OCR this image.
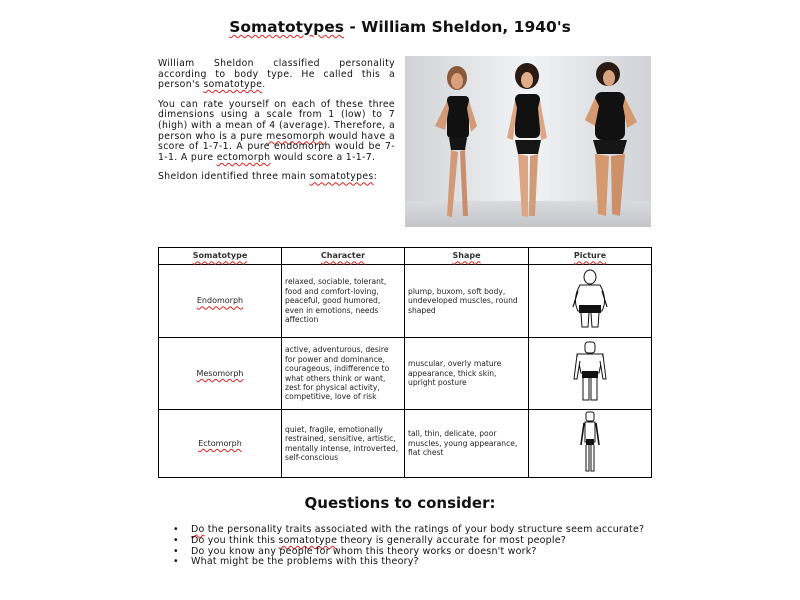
Somatotypes - William Sheldon, 1940's

William Sheldon classified personality according to body type. He called this a person's somatotype.

You can rate yourself on each of these three dimensions using a scale from 1 (low) to 7 (high) with a mean of 4 (average). Therefore, a person who is a pure mesomorph would have a score of 1-7-1. A pure endomorph would be 7-1-1. A pure ectomorph would score a 1-1-7.

Sheldon identified three main somatotypes:

Somatotype	Character	Shape	Picture
Endomorph	relaxed, sociable, tolerant, food and comfort-loving, peaceful, good humored, even in emotions, needs affection	plump, buxom, soft body, undeveloped muscles, round shaped	
Mesomorph	active, adventurous, desire for power and dominance, courageous, indifference to what others think or want, zest for physical activity, competitive, love of risk	muscular, overly mature appearance, thick skin, upright posture	
Ectomorph	quiet, fragile, emotionally restrained, sensitive, artistic, mentally intense, introverted, self-conscious	tall, thin, delicate, poor muscles, young appearance, flat chest	
Questions to consider:
• Do the personality traits associated with the ratings of your body structure seem accurate?
• Do you think this somatotype theory is generally accurate for most people?
• Do you know any people for whom this theory works or doesn't work?
• What might be the problems with this theory?
